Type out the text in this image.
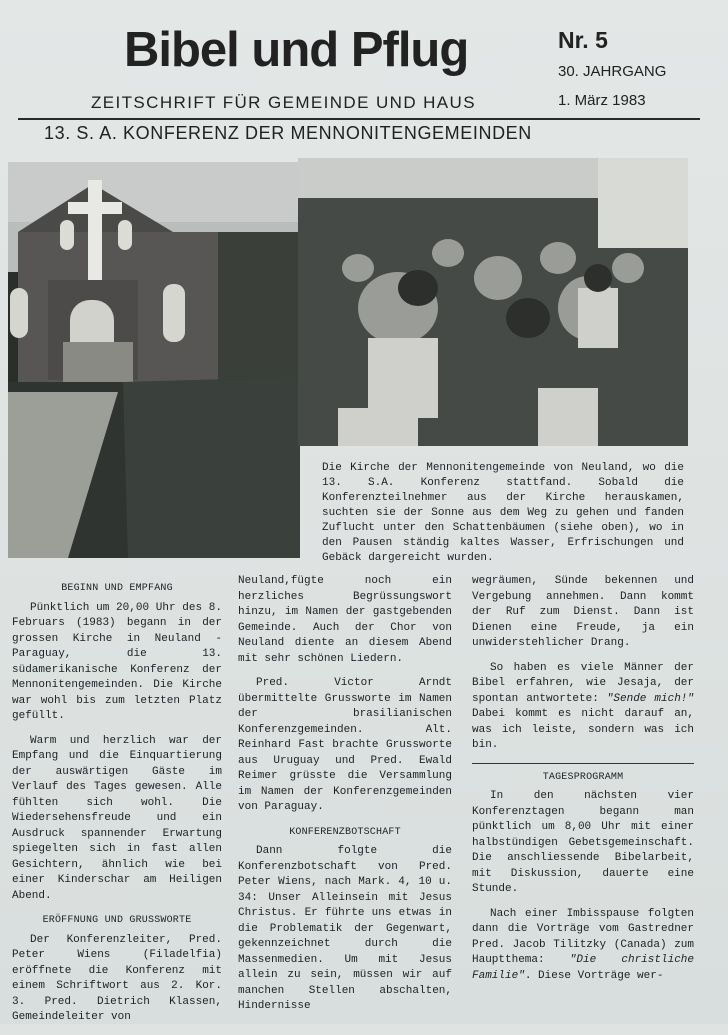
Bibel und Pflug	Nr. 5
30. JAHRGANG
ZEITSCHRIFT FÜR GEMEINDE UND HAUS	1. März 1983
13. S. A. KONFERENZ DER MENNONITENGEMEINDEN
Die Kirche der Mennonitengemeinde von Neuland, wo die 13. S.A. Konferenz stattfand. Sobald die Konferenzteilnehmer aus der Kirche herauskamen, suchten sie der Sonne aus dem Weg zu gehen und fanden Zuflucht unter den Schattenbäumen (siehe oben), wo in den Pausen ständig kaltes Wasser, Erfrischungen und Gebäck dargereicht wurden.
BEGINN UND EMPFANG

Pünktlich um 20,00 Uhr des 8. Februars (1983) begann in der grossen Kirche in Neuland - Paraguay, die 13. südamerikanische Konferenz der Mennonitengemeinden. Die Kirche war wohl bis zum letzten Platz gefüllt.

Warm und herzlich war der Empfang und die Einquartierung der auswärtigen Gäste im Verlauf des Tages gewesen. Alle fühlten sich wohl. Die Wiedersehensfreude und ein Ausdruck spannender Erwartung spiegelten sich in fast allen Gesichtern, ähnlich wie bei einer Kinderschar am Heiligen Abend.

ERÖFFNUNG UND GRUSSWORTE

Der Konferenzleiter, Pred. Peter Wiens (Filadelfia) eröffnete die Konferenz mit einem Schriftwort aus 2. Kor. 3. Pred. Dietrich Klassen, Gemeindeleiter von

Neuland,fügte noch ein herzliches Begrüssungswort hinzu, im Namen der gastgebenden Gemeinde. Auch der Chor von Neuland diente an diesem Abend mit sehr schönen Liedern.

Pred. Victor Arndt übermittelte Grussworte im Namen der brasilianischen Konferenzgemeinden. Alt. Reinhard Fast brachte Grussworte aus Uruguay und Pred. Ewald Reimer grüsste die Versammlung im Namen der Konferenzgemeinden von Paraguay.

KONFERENZBOTSCHAFT

Dann folgte die Konferenzbotschaft von Pred. Peter Wiens, nach Mark. 4, 10 u. 34: Unser Alleinsein mit Jesus Christus. Er führte uns etwas in die Problematik der Gegenwart, gekennzeichnet durch die Massenmedien. Um mit Jesus allein zu sein, müssen wir auf manchen Stellen abschalten, Hindernisse

wegräumen, Sünde bekennen und Vergebung annehmen. Dann kommt der Ruf zum Dienst. Dann ist Dienen eine Freude, ja ein unwiderstehlicher Drang.

So haben es viele Männer der Bibel erfahren, wie Jesaja, der spontan antwortete: "Sende mich!" Dabei kommt es nicht darauf an, was ich leiste, sondern was ich bin.

TAGESPROGRAMM

In den nächsten vier Konferenztagen begann man pünktlich um 8,00 Uhr mit einer halbstündigen Gebetsgemeinschaft. Die anschliessende Bibelarbeit, mit Diskussion, dauerte eine Stunde.

Nach einer Imbisspause folgten dann die Vorträge vom Gastredner Pred. Jacob Tilitzky (Canada) zum Hauptthema: "Die christliche Familie". Diese Vorträge wer-
